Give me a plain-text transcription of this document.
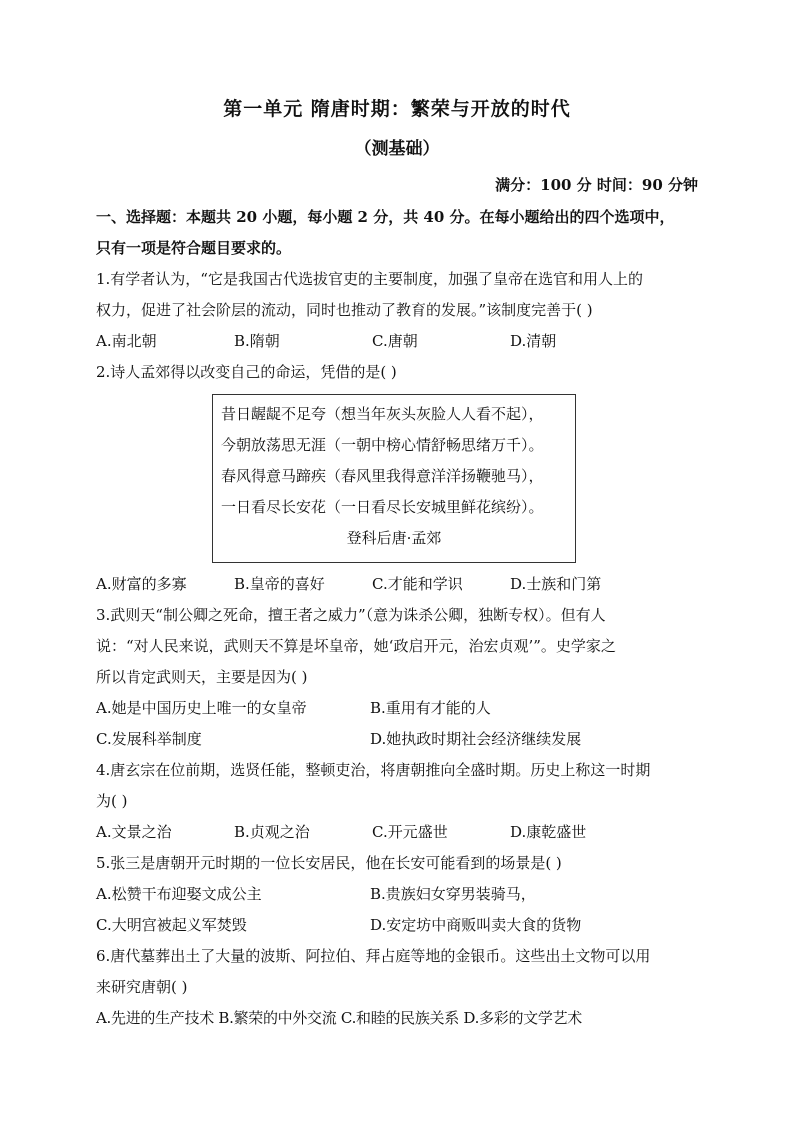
第一单元 隋唐时期：繁荣与开放的时代
（测基础）
满分：100 分 时间：90 分钟
一、选择题：本题共 20 小题，每小题 2 分，共 40 分。在每小题给出的四个选项中，
只有一项是符合题目要求的。
1.有学者认为，“它是我国古代选拔官吏的主要制度，加强了皇帝在选官和用人上的
权力，促进了社会阶层的流动，同时也推动了教育的发展。”该制度完善于( )
A.南北朝	B.隋朝	C.唐朝	D.清朝
2.诗人孟郊得以改变自己的命运，凭借的是( )
昔日龌龊不足夸（想当年灰头灰脸人人看不起），
今朝放荡思无涯（一朝中榜心情舒畅思绪万千）。
春风得意马蹄疾（春风里我得意洋洋扬鞭驰马），
一日看尽长安花（一日看尽长安城里鲜花缤纷）。
登科后唐·孟郊
A.财富的多寡	B.皇帝的喜好	C.才能和学识	D.士族和门第
3.武则天“制公卿之死命，擅王者之威力”（意为诛杀公卿，独断专权）。但有人
说：“对人民来说，武则天不算是坏皇帝，她‘政启开元，治宏贞观’”。史学家之
所以肯定武则天，主要是因为( )
A.她是中国历史上唯一的女皇帝	B.重用有才能的人
C.发展科举制度	D.她执政时期社会经济继续发展
4.唐玄宗在位前期，选贤任能，整顿吏治，将唐朝推向全盛时期。历史上称这一时期
为( )
A.文景之治	B.贞观之治	C.开元盛世	D.康乾盛世
5.张三是唐朝开元时期的一位长安居民，他在长安可能看到的场景是( )
A.松赞干布迎娶文成公主	B.贵族妇女穿男装骑马，
C.大明宫被起义军焚毁	D.安定坊中商贩叫卖大食的货物
6.唐代墓葬出土了大量的波斯、阿拉伯、拜占庭等地的金银币。这些出土文物可以用
来研究唐朝( )
A.先进的生产技术 B.繁荣的中外交流 C.和睦的民族关系 D.多彩的文学艺术
